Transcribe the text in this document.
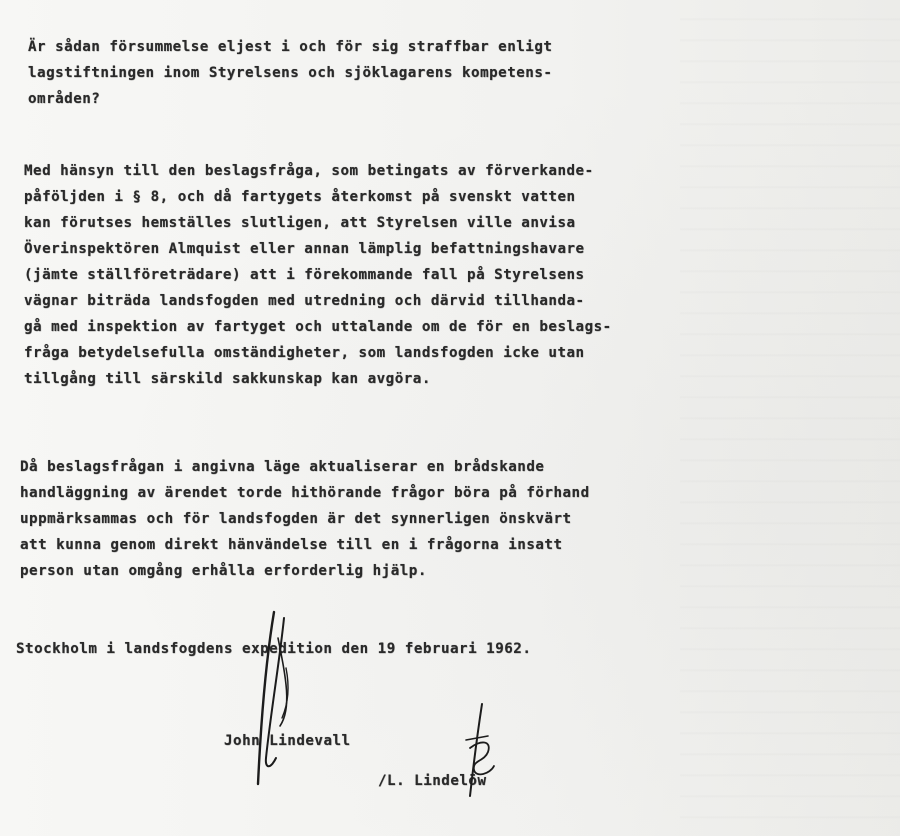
Är sådan försummelse eljest i och för sig straffbar enligt
lagstiftningen inom Styrelsens och sjöklagarens kompetens-
områden?
Med hänsyn till den beslagsfråga, som betingats av förverkande-
påföljden i § 8, och då fartygets återkomst på svenskt vatten
kan förutses hemställes slutligen, att Styrelsen ville anvisa
Överinspektören Almquist eller annan lämplig befattningshavare
(jämte ställföreträdare) att i förekommande fall på Styrelsens
vägnar biträda landsfogden med utredning och därvid tillhanda-
gå med inspektion av fartyget och uttalande om de för en beslags-
fråga betydelsefulla omständigheter, som landsfogden icke utan
tillgång till särskild sakkunskap kan avgöra.
Då beslagsfrågan i angivna läge aktualiserar en brådskande
handläggning av ärendet torde hithörande frågor böra på förhand
uppmärksammas och för landsfogden är det synnerligen önskvärt
att kunna genom direkt hänvändelse till en i frågorna insatt
person utan omgång erhålla erforderlig hjälp.
Stockholm i landsfogdens expedition den 19 februari 1962.
John Lindevall
/L. Lindelöw
